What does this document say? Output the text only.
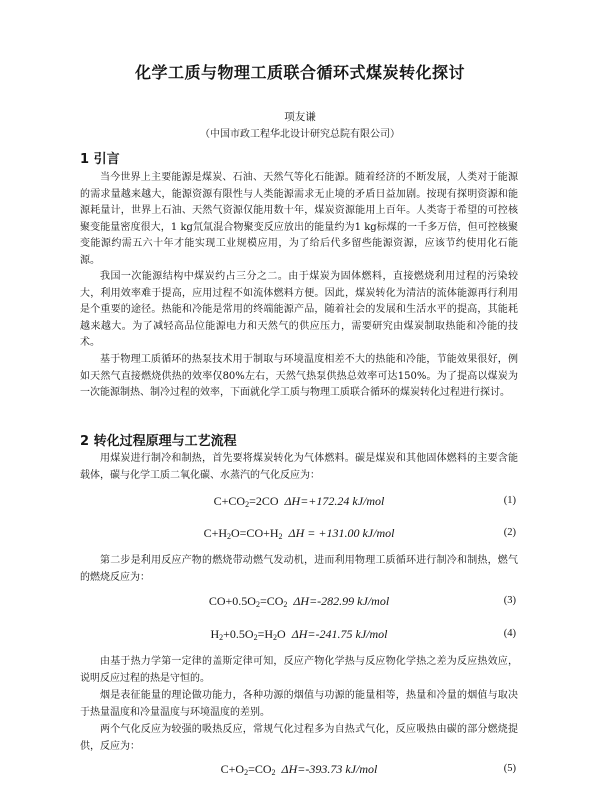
化学工质与物理工质联合循环式煤炭转化探讨
项友谦
（中国市政工程华北设计研究总院有限公司）
1 引言

当今世界上主要能源是煤炭、石油、天然气等化石能源。随着经济的不断发展，人类对于能源的需求量越来越大，能源资源有限性与人类能源需求无止境的矛盾日益加剧。按现有探明资源和能源耗量计，世界上石油、天然气资源仅能用数十年，煤炭资源能用上百年。人类寄于希望的可控核聚变能量密度很大，1 kg氘氚混合物聚变反应放出的能量约为1 kg标煤的一千多万倍，但可控核聚变能源约需五六十年才能实现工业规模应用，为了给后代多留些能源资源，应该节约使用化石能源。

我国一次能源结构中煤炭约占三分之二。由于煤炭为固体燃料，直接燃烧利用过程的污染较大，利用效率难于提高，应用过程不如流体燃料方便。因此，煤炭转化为清洁的流体能源再行利用是个重要的途径。热能和冷能是常用的终端能源产品，随着社会的发展和生活水平的提高，其能耗越来越大。为了减轻高品位能源电力和天然气的供应压力，需要研究由煤炭制取热能和冷能的技术。

基于物理工质循环的热泵技术用于制取与环境温度相差不大的热能和冷能，节能效果很好，例如天然气直接燃烧供热的效率仅80%左右，天然气热泵供热总效率可达150%。为了提高以煤炭为一次能源制热、制冷过程的效率，下面就化学工质与物理工质联合循环的煤炭转化过程进行探讨。

2 转化过程原理与工艺流程

用煤炭进行制冷和制热，首先要将煤炭转化为气体燃料。碳是煤炭和其他固体燃料的主要含能载体，碳与化学工质二氧化碳、水蒸汽的气化反应为：

$C+CO_2=2CO$ ΔH=+172.24 kJ/mol	(1)
$C+H_2O=CO+H_2$ ΔH = +131.00 kJ/mol	(2)

第二步是利用反应产物的燃烧带动燃气发动机，进而利用物理工质循环进行制冷和制热，燃气的燃烧反应为：

$CO+0.5O_2=CO_2$ ΔH=-282.99 kJ/mol	(3)
$H_2+0.5O_2=H_2O$ ΔH=-241.75 kJ/mol	(4)

由基于热力学第一定律的盖斯定律可知，反应产物化学热与反应物化学热之差为反应热效应，说明反应过程的热是守恒的。

烟是表征能量的理论做功能力，各种功源的烟值与功源的能量相等，热量和冷量的烟值与取决于热量温度和冷量温度与环境温度的差别。

两个气化反应为较强的吸热反应，常规气化过程多为自热式气化，反应吸热由碳的部分燃烧提供，反应为：

$C+O_2=CO_2$ ΔH=-393.73 kJ/mol	(5)
